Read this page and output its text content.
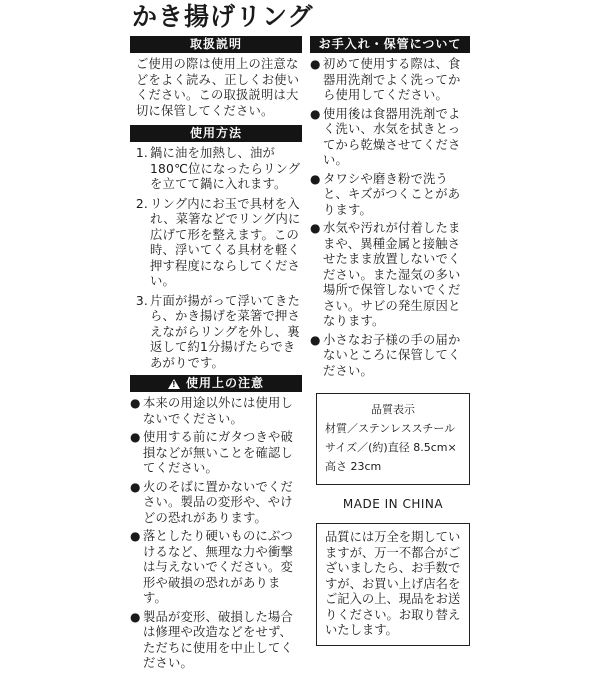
かき揚げリング
取扱説明
ご使用の際は使用上の注意などをよく読み、正しくお使いください。この取扱説明は大切に保管してください。
使用方法
1. 鍋に油を加熱し、油が180℃位になったらリングを立てて鍋に入れます。
2. リング内にお玉で具材を入れ、菜箸などでリング内に広げて形を整えます。この時、浮いてくる具材を軽く押す程度にならしてください。
3. 片面が揚がって浮いてきたら、かき揚げを菜箸で押さえながらリングを外し、裏返して約1分揚げたらできあがりです。
!
使用上の注意
● 本来の用途以外には使用しないでください。
● 使用する前にガタつきや破損などが無いことを確認してください。
● 火のそばに置かないでください。製品の変形や、やけどの恐れがあります。
● 落としたり硬いものにぶつけるなど、無理な力や衝撃は与えないでください。変形や破損の恐れがあります。
● 製品が変形、破損した場合は修理や改造などをせず、ただちに使用を中止してください。
お手入れ・保管について
● 初めて使用する際は、食器用洗剤でよく洗ってから使用してください。
● 使用後は食器用洗剤でよく洗い、水気を拭きとってから乾燥させてください。
● タワシや磨き粉で洗うと、キズがつくことがあります。
● 水気や汚れが付着したままや、異種金属と接触させたまま放置しないでください。また湿気の多い場所で保管しないでください。サビの発生原因となります。
● 小さなお子様の手の届かないところに保管してください。
品質表示
材質／ステンレススチール
サイズ／(約)直径 8.5cm×高さ 23cm
MADE IN CHINA
品質には万全を期していますが、万一不都合がございましたら、お手数ですが、お買い上げ店名をご記入の上、現品をお送りください。お取り替えいたします。
